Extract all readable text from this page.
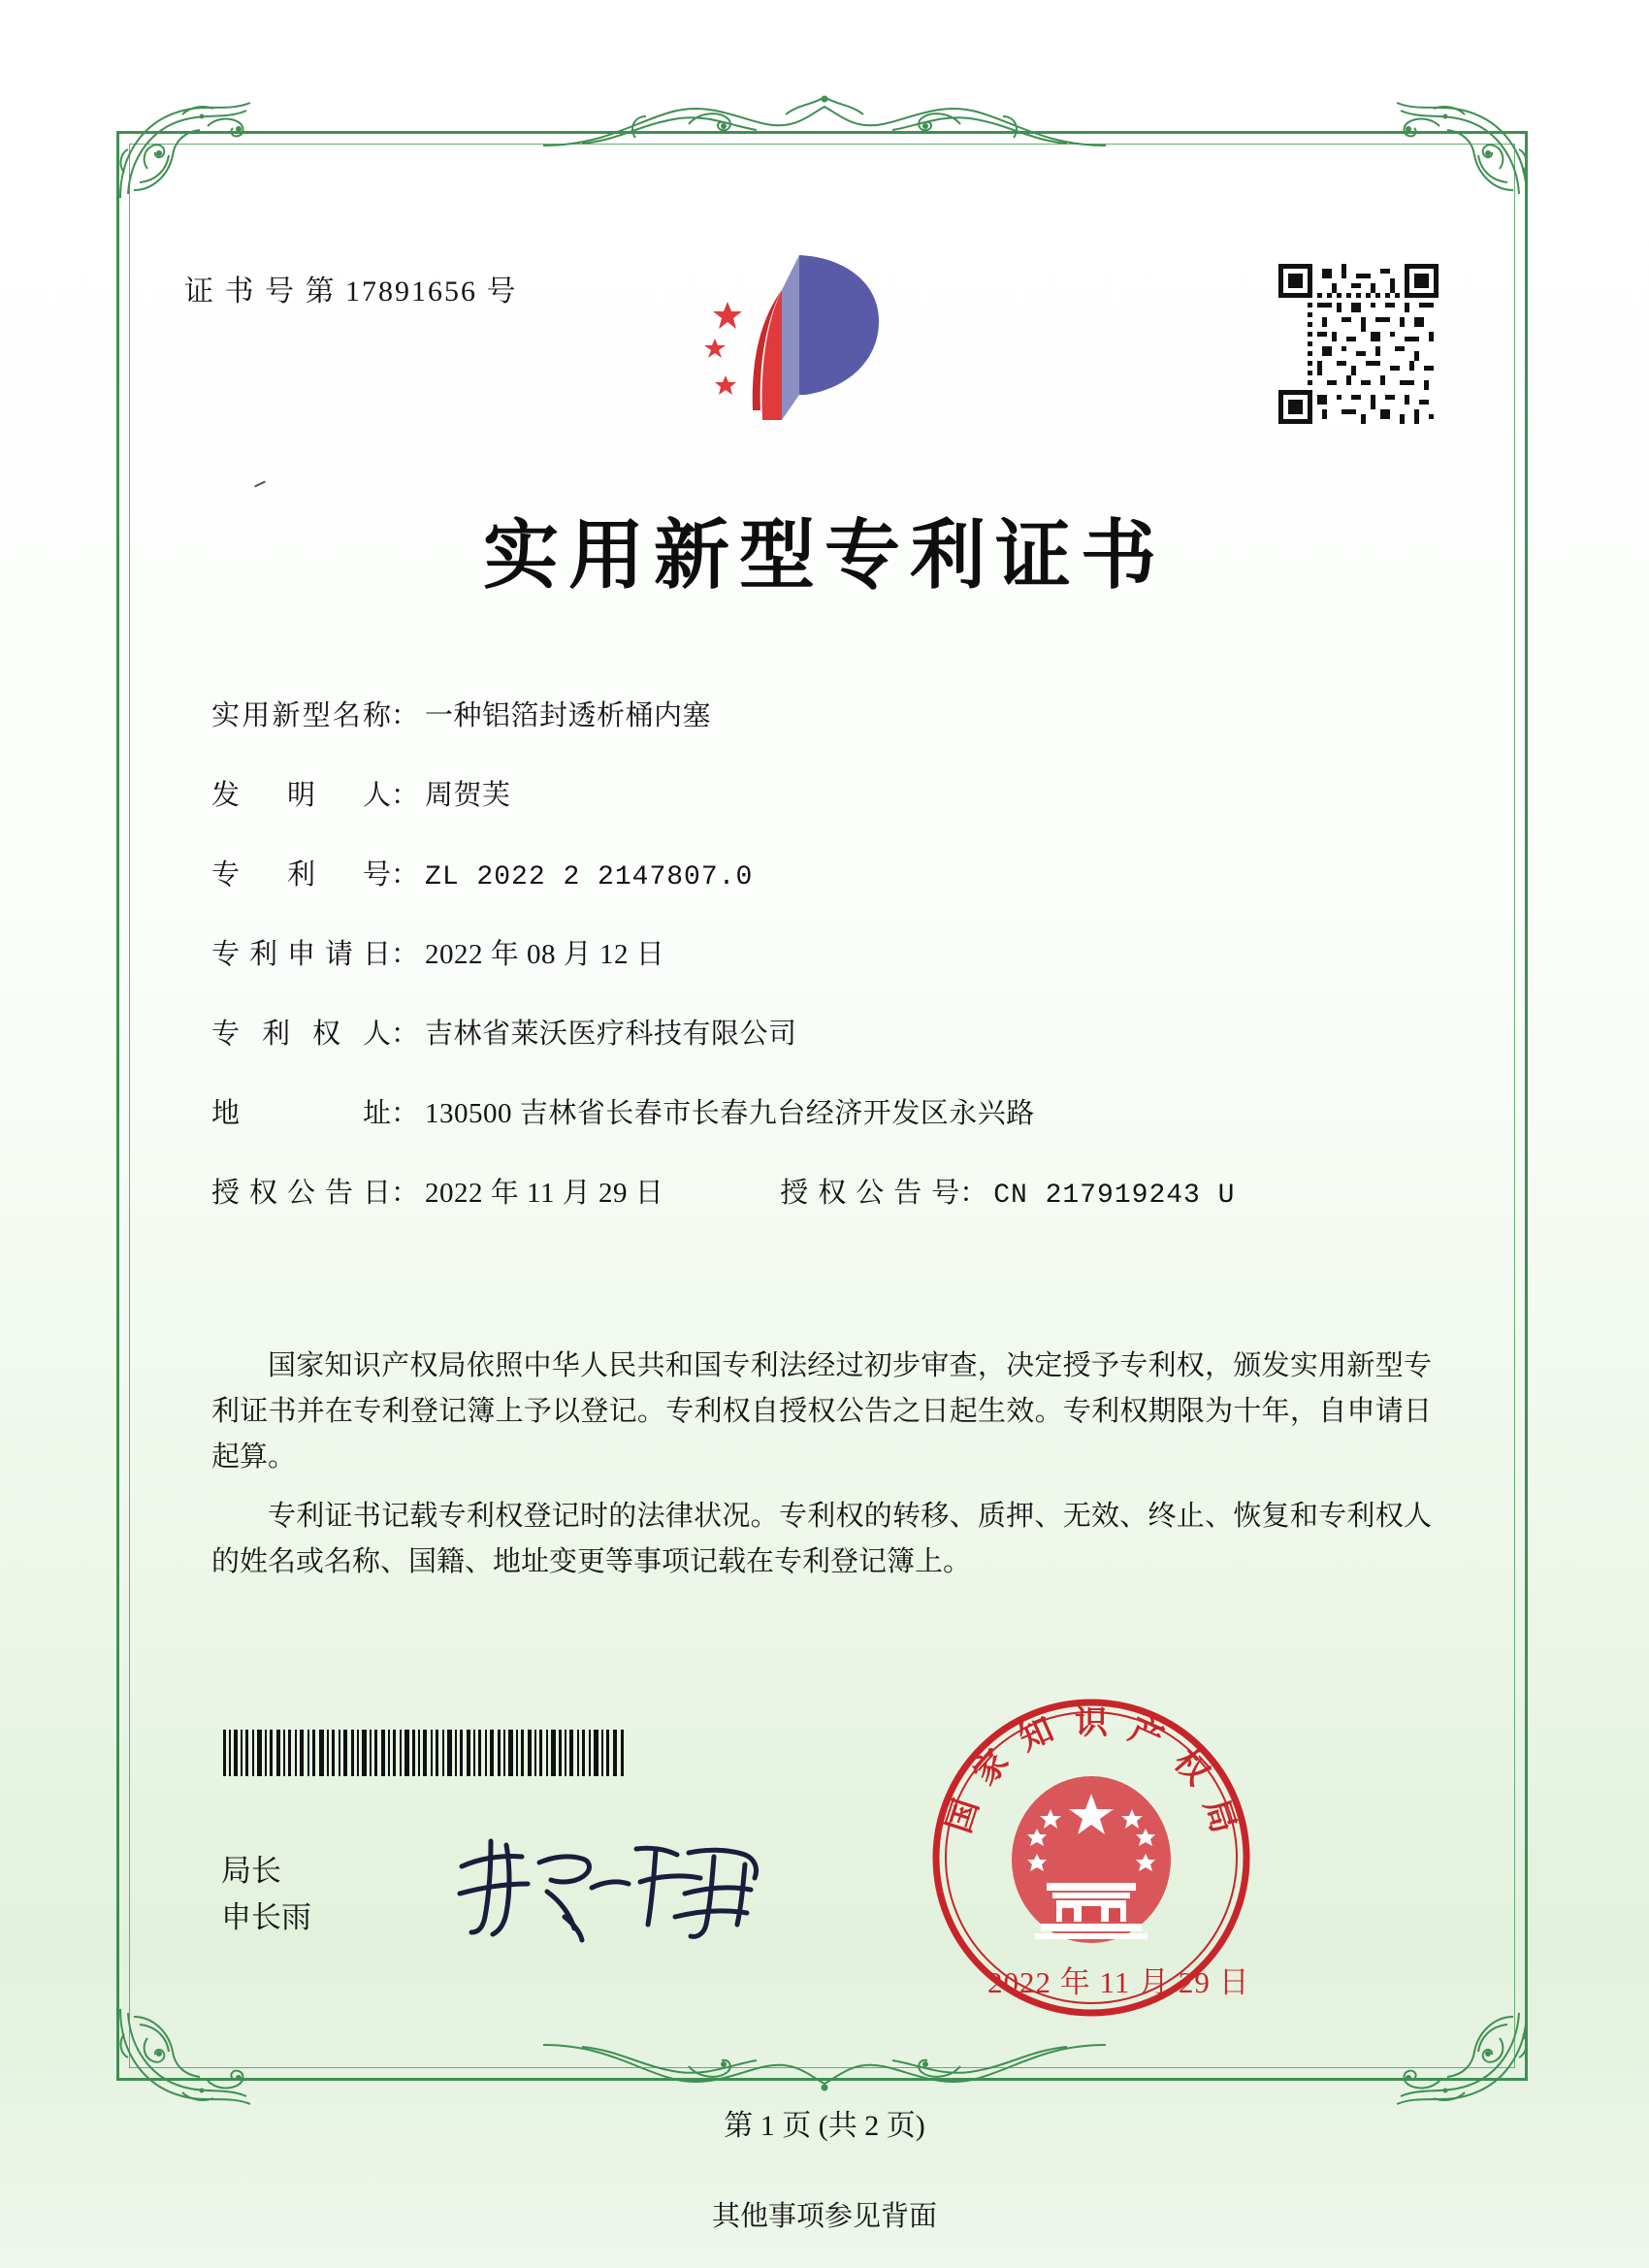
证 书 号 第 17891656 号
实用新型专利证书
实用新型名称 ： 一种铝箔封透析桶内塞
发 明 人 ： 周贺芙
专 利 号 ： ZL 2022 2 2147807.0
专利申请日 ： 2022 年 08 月 12 日
专 利 权 人 ： 吉林省莱沃医疗科技有限公司
地 址 ： 130500 吉林省长春市长春九台经济开发区永兴路
授权公告日 ： 2022 年 11 月 29 日	授权公告号 ： CN 217919243 U

国家知识产权局依照中华人民共和国专利法经过初步审查，决定授予专利权，颁发实用新型专利证书并在专利登记簿上予以登记。专利权自授权公告之日起生效。专利权期限为十年，自申请日起算。

专利证书记载专利权登记时的法律状况。专利权的转移、质押、无效、终止、恢复和专利权人的姓名或名称、国籍、地址变更等事项记载在专利登记簿上。

局长
申长雨
国
家
知 识 产
权
局
2022 年 11 月 29 日
第 1 页 (共 2 页)
其他事项参见背面
